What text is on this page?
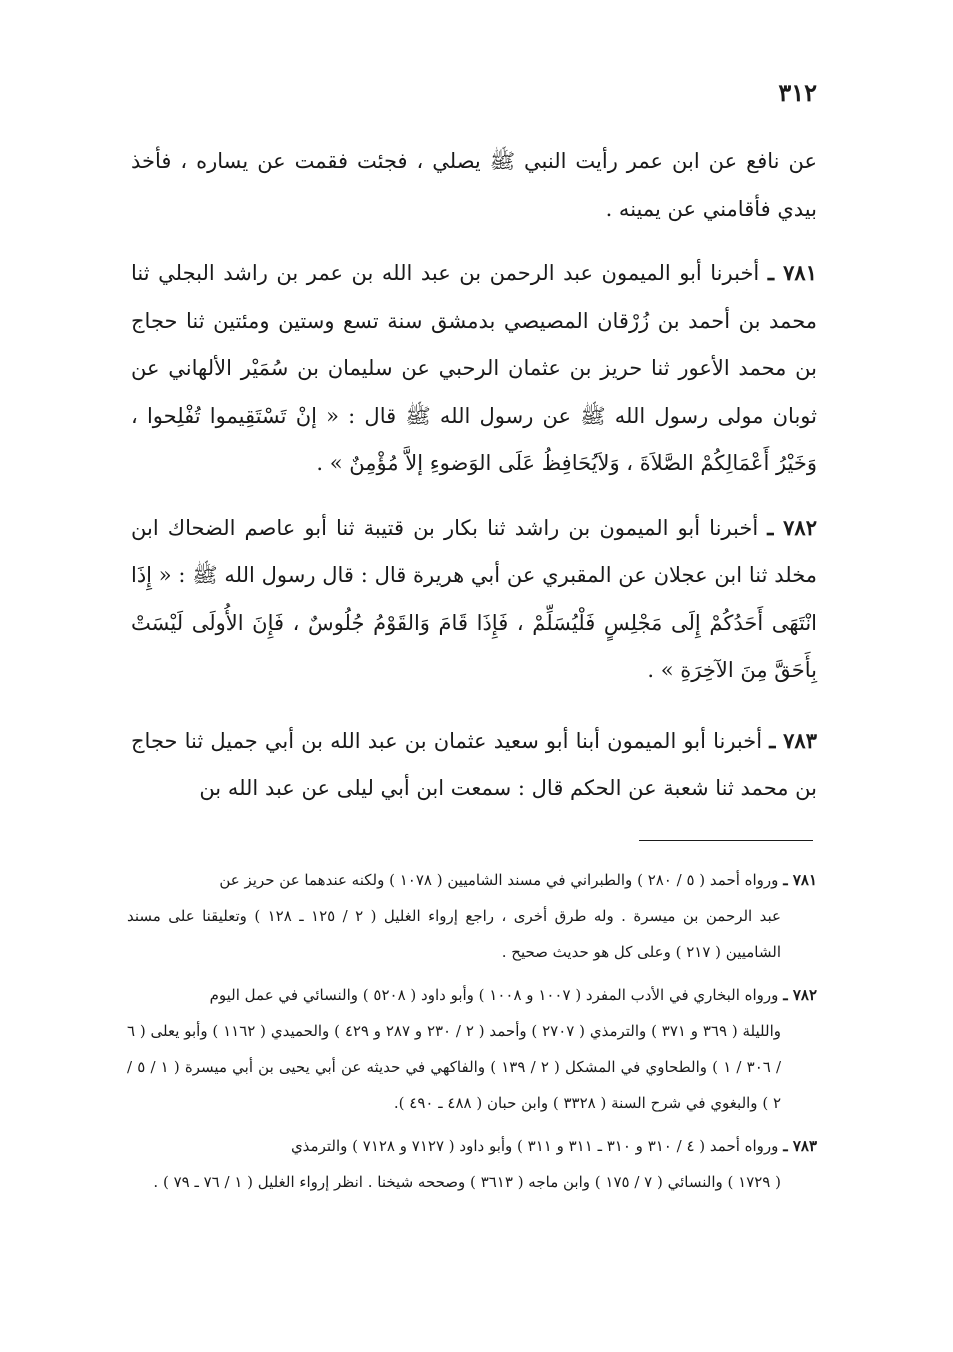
٣١٢

عن نافع عن ابن عمر رأيت النبي ﷺ يصلي ، فجئت فقمت عن يساره ، فأخذ بيدي فأقامني عن يمينه .

٧٨١ ـ أخبرنا أبو الميمون عبد الرحمن بن عبد الله بن عمر بن راشد البجلي ثنا محمد بن أحمد بن زُرْقان المصيصي بدمشق سنة تسع وستين ومئتين ثنا حجاج بن محمد الأعور ثنا حريز بن عثمان الرحبي عن سليمان بن سُمَيْر الألهاني عن ثوبان مولى رسول الله ﷺ عن رسول الله ﷺ قال : « إنْ تَسْتَقِيموا تُفْلِحوا ، وَخَيْرُ أَعْمَالِكُمْ الصَّلاَةَ ، وَلاَيُحَافِظُ عَلَى الوَضوءِ إلاَّ مُؤْمِنٌ » .

٧٨٢ ـ أخبرنا أبو الميمون بن راشد ثنا بكار بن قتيبة ثنا أبو عاصم الضحاك ابن مخلد ثنا ابن عجلان عن المقبري عن أبي هريرة قال : قال رسول الله ﷺ : « إِذَا انْتَهَى أَحَدُكُمْ إِلَى مَجْلِسٍ فَلْيُسَلِّمْ ، فَإِذَا قَامَ وَالقَوْمُ جُلُوسٌ ، فَإِنَ الأُولَى لَيْسَتْ بِأَحَقَّ مِنَ الآخِرَةِ » .

٧٨٣ ـ أخبرنا أبو الميمون أبنا أبو سعيد عثمان بن عبد الله بن أبي جميل ثنا حجاج بن محمد ثنا شعبة عن الحكم قال : سمعت ابن أبي ليلى عن عبد الله بن

٧٨١ ـ ورواه أحمد ( ٥ / ٢٨٠ ) والطبراني في مسند الشاميين ( ١٠٧٨ ) ولكنه عندهما عن حريز عن
عبد الرحمن بن ميسرة . وله طرق أخرى ، راجع إرواء الغليل ( ٢ / ١٢٥ ـ ١٢٨ ) وتعليقنا على مسند الشاميين ( ٢١٧ ) وعلى كل هو حديث صحيح .

٧٨٢ ـ ورواه البخاري في الأدب المفرد ( ١٠٠٧ و ١٠٠٨ ) وأبو داود ( ٥٢٠٨ ) والنسائي في عمل اليوم
والليلة ( ٣٦٩ و ٣٧١ ) والترمذي ( ٢٧٠٧ ) وأحمد ( ٢ / ٢٣٠ و ٢٨٧ و ٤٢٩ ) والحميدي ( ١١٦٢ ) وأبو يعلى ( ٦ / ٣٠٦ / ١ ) والطحاوي في المشكل ( ٢ / ١٣٩ ) والفاكهي في حديثه عن أبي يحيى بن أبي ميسرة ( ١ / ٥ / ٢ ) والبغوي في شرح السنة ( ٣٣٢٨ ) وابن حبان ( ٤٨٨ ـ ٤٩٠ ).

٧٨٣ ـ ورواه أحمد ( ٤ / ٣١٠ و ٣١٠ ـ ٣١١ و ٣١١ ) وأبو داود ( ٧١٢٧ و ٧١٢٨ ) والترمذي
( ١٧٢٩ ) والنسائي ( ٧ / ١٧٥ ) وابن ماجه ( ٣٦١٣ ) وصححه شيخنا . انظر إرواء الغليل ( ١ / ٧٦ ـ ٧٩ ) .
